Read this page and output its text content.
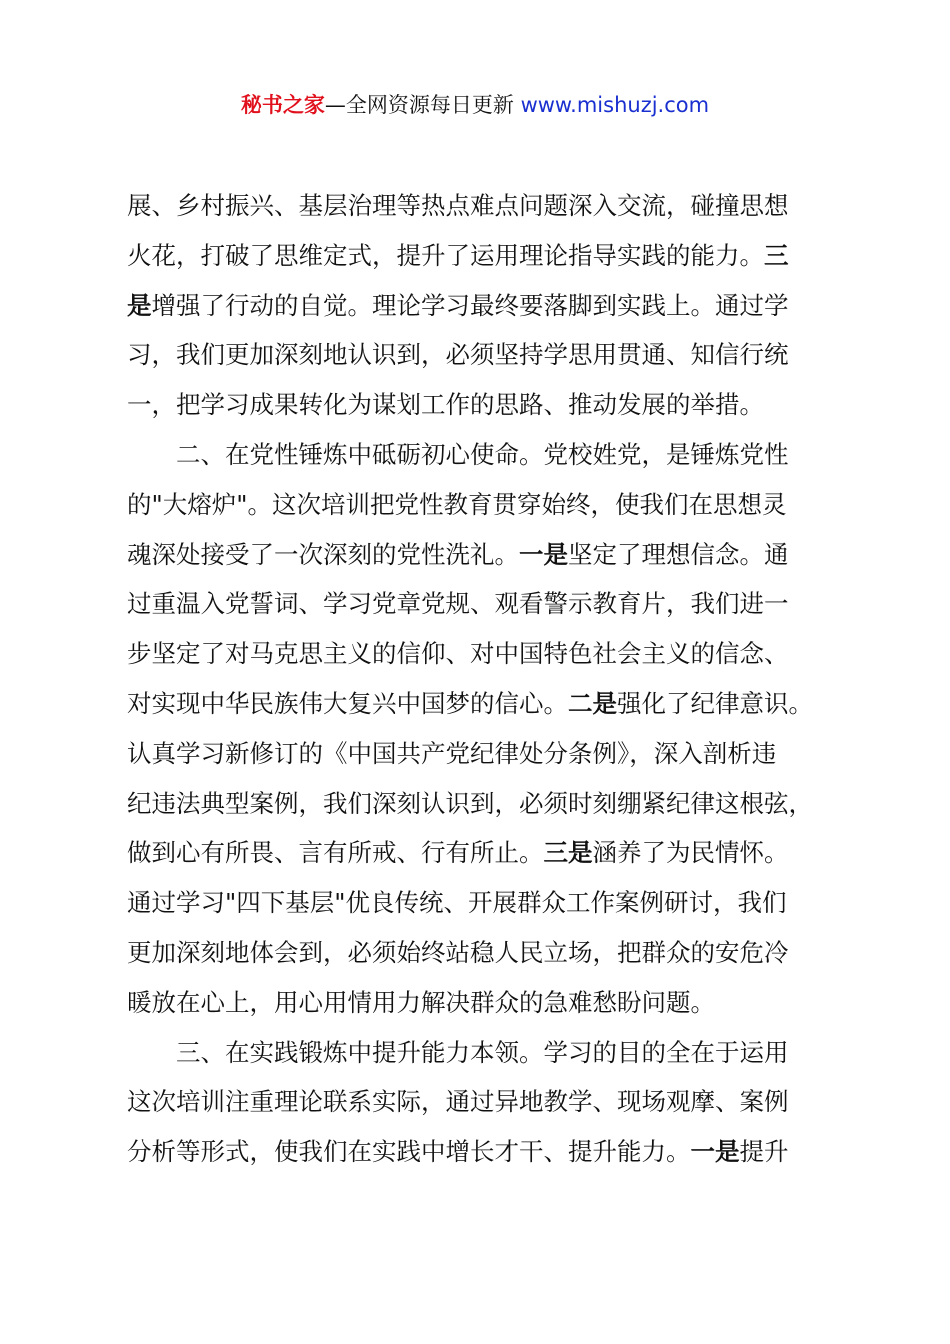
秘书之家—全网资源每日更新 www.mishuzj.com
展、乡村振兴、基层治理等热点难点问题深入交流，碰撞思想
火花，打破了思维定式，提升了运用理论指导实践的能力。三
是增强了行动的自觉。理论学习最终要落脚到实践上。通过学
习，我们更加深刻地认识到，必须坚持学思用贯通、知信行统
一，把学习成果转化为谋划工作的思路、推动发展的举措。
二、在党性锤炼中砥砺初心使命。党校姓党，是锤炼党性
的"大熔炉"。这次培训把党性教育贯穿始终，使我们在思想灵
魂深处接受了一次深刻的党性洗礼。一是坚定了理想信念。通
过重温入党誓词、学习党章党规、观看警示教育片，我们进一
步坚定了对马克思主义的信仰、对中国特色社会主义的信念、
对实现中华民族伟大复兴中国梦的信心。二是强化了纪律意识。
认真学习新修订的《中国共产党纪律处分条例》，深入剖析违
纪违法典型案例，我们深刻认识到，必须时刻绷紧纪律这根弦，
做到心有所畏、言有所戒、行有所止。三是涵养了为民情怀。
通过学习"四下基层"优良传统、开展群众工作案例研讨，我们
更加深刻地体会到，必须始终站稳人民立场，把群众的安危冷
暖放在心上，用心用情用力解决群众的急难愁盼问题。
三、在实践锻炼中提升能力本领。学习的目的全在于运用
这次培训注重理论联系实际，通过异地教学、现场观摩、案例
分析等形式，使我们在实践中增长才干、提升能力。一是提升
